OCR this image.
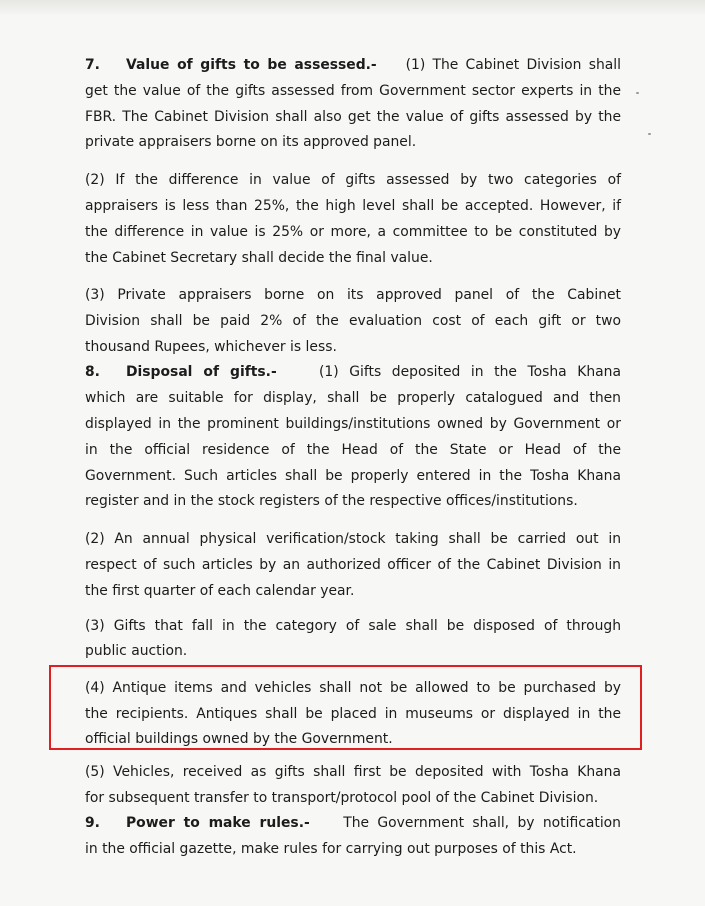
7. Value of gifts to be assessed.- (1) The Cabinet Division shall
get the value of the gifts assessed from Government sector experts in the
FBR. The Cabinet Division shall also get the value of gifts assessed by the
private appraisers borne on its approved panel.
(2) If the difference in value of gifts assessed by two categories of
appraisers is less than 25%, the high level shall be accepted. However, if
the difference in value is 25% or more, a committee to be constituted by
the Cabinet Secretary shall decide the final value.
(3) Private appraisers borne on its approved panel of the Cabinet
Division shall be paid 2% of the evaluation cost of each gift or two
thousand Rupees, whichever is less.
8. Disposal of gifts.-	(1) Gifts deposited in the Tosha Khana
which are suitable for display, shall be properly catalogued and then
displayed in the prominent buildings/institutions owned by Government or
in the official residence of the Head of the State or Head of the
Government. Such articles shall be properly entered in the Tosha Khana
register and in the stock registers of the respective offices/institutions.
(2) An annual physical verification/stock taking shall be carried out in
respect of such articles by an authorized officer of the Cabinet Division in
the first quarter of each calendar year.
(3) Gifts that fall in the category of sale shall be disposed of through
public auction.
(4) Antique items and vehicles shall not be allowed to be purchased by
the recipients. Antiques shall be placed in museums or displayed in the
official buildings owned by the Government.
(5) Vehicles, received as gifts shall first be deposited with Tosha Khana
for subsequent transfer to transport/protocol pool of the Cabinet Division.
9. Power to make rules.- The Government shall, by notification
in the official gazette, make rules for carrying out purposes of this Act.
